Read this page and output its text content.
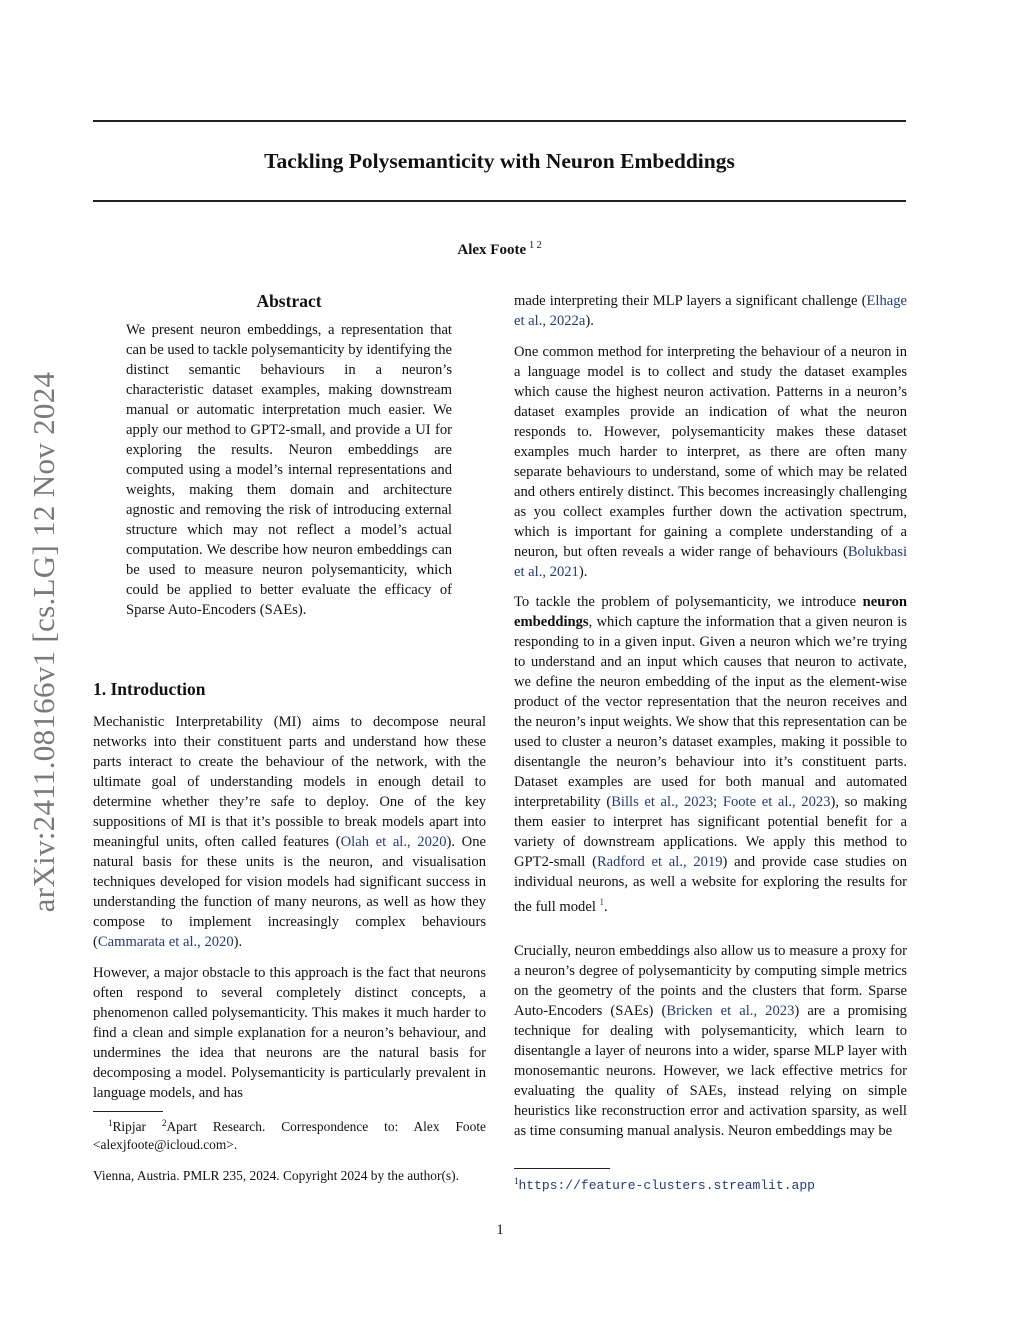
Tackling Polysemanticity with Neuron Embeddings
Alex Foote $^{1 2}$
arXiv:2411.08166v1 [cs.LG] 12 Nov 2024
Abstract

We present neuron embeddings, a representation that can be used to tackle polysemanticity by identifying the distinct semantic behaviours in a neuron’s characteristic dataset examples, making downstream manual or automatic interpretation much easier. We apply our method to GPT2-small, and provide a UI for exploring the results. Neuron embeddings are computed using a model’s internal representations and weights, making them domain and architecture agnostic and removing the risk of introducing external structure which may not reflect a model’s actual computation. We describe how neuron embeddings can be used to measure neuron polysemanticity, which could be applied to better evaluate the efficacy of Sparse Auto-Encoders (SAEs).

1. Introduction

Mechanistic Interpretability (MI) aims to decompose neural networks into their constituent parts and understand how these parts interact to create the behaviour of the network, with the ultimate goal of understanding models in enough detail to determine whether they’re safe to deploy. One of the key suppositions of MI is that it’s possible to break models apart into meaningful units, often called features (Olah et al., 2020). One natural basis for these units is the neuron, and visualisation techniques developed for vision models had significant success in understanding the function of many neurons, as well as how they compose to implement increasingly complex behaviours (Cammarata et al., 2020).

However, a major obstacle to this approach is the fact that neurons often respond to several completely distinct concepts, a phenomenon called polysemanticity. This makes it much harder to find a clean and simple explanation for a neuron’s behaviour, and undermines the idea that neurons are the natural basis for decomposing a model. Polysemanticity is particularly prevalent in language models, and has

$^1$Ripjar $^2$Apart Research. Correspondence to: Alex Foote <alexjfoote@icloud.com>.

Vienna, Austria. PMLR 235, 2024. Copyright 2024 by the author(s).

made interpreting their MLP layers a significant challenge (Elhage et al., 2022a).

One common method for interpreting the behaviour of a neuron in a language model is to collect and study the dataset examples which cause the highest neuron activation. Patterns in a neuron’s dataset examples provide an indication of what the neuron responds to. However, polysemanticity makes these dataset examples much harder to interpret, as there are often many separate behaviours to understand, some of which may be related and others entirely distinct. This becomes increasingly challenging as you collect examples further down the activation spectrum, which is important for gaining a complete understanding of a neuron, but often reveals a wider range of behaviours (Bolukbasi et al., 2021).

To tackle the problem of polysemanticity, we introduce neuron embeddings, which capture the information that a given neuron is responding to in a given input. Given a neuron which we’re trying to understand and an input which causes that neuron to activate, we define the neuron embedding of the input as the element-wise product of the vector representation that the neuron receives and the neuron’s input weights. We show that this representation can be used to cluster a neuron’s dataset examples, making it possible to disentangle the neuron’s behaviour into it’s constituent parts. Dataset examples are used for both manual and automated interpretability (Bills et al., 2023; Foote et al., 2023), so making them easier to interpret has significant potential benefit for a variety of downstream applications. We apply this method to GPT2-small (Radford et al., 2019) and provide case studies on individual neurons, as well a website for exploring the results for the full model $^1$.

Crucially, neuron embeddings also allow us to measure a proxy for a neuron’s degree of polysemanticity by computing simple metrics on the geometry of the points and the clusters that form. Sparse Auto-Encoders (SAEs) (Bricken et al., 2023) are a promising technique for dealing with polysemanticity, which learn to disentangle a layer of neurons into a wider, sparse MLP layer with monosemantic neurons. However, we lack effective metrics for evaluating the quality of SAEs, instead relying on simple heuristics like reconstruction error and activation sparsity, as well as time consuming manual analysis. Neuron embeddings may be

$^1$https://feature-clusters.streamlit.app
1
